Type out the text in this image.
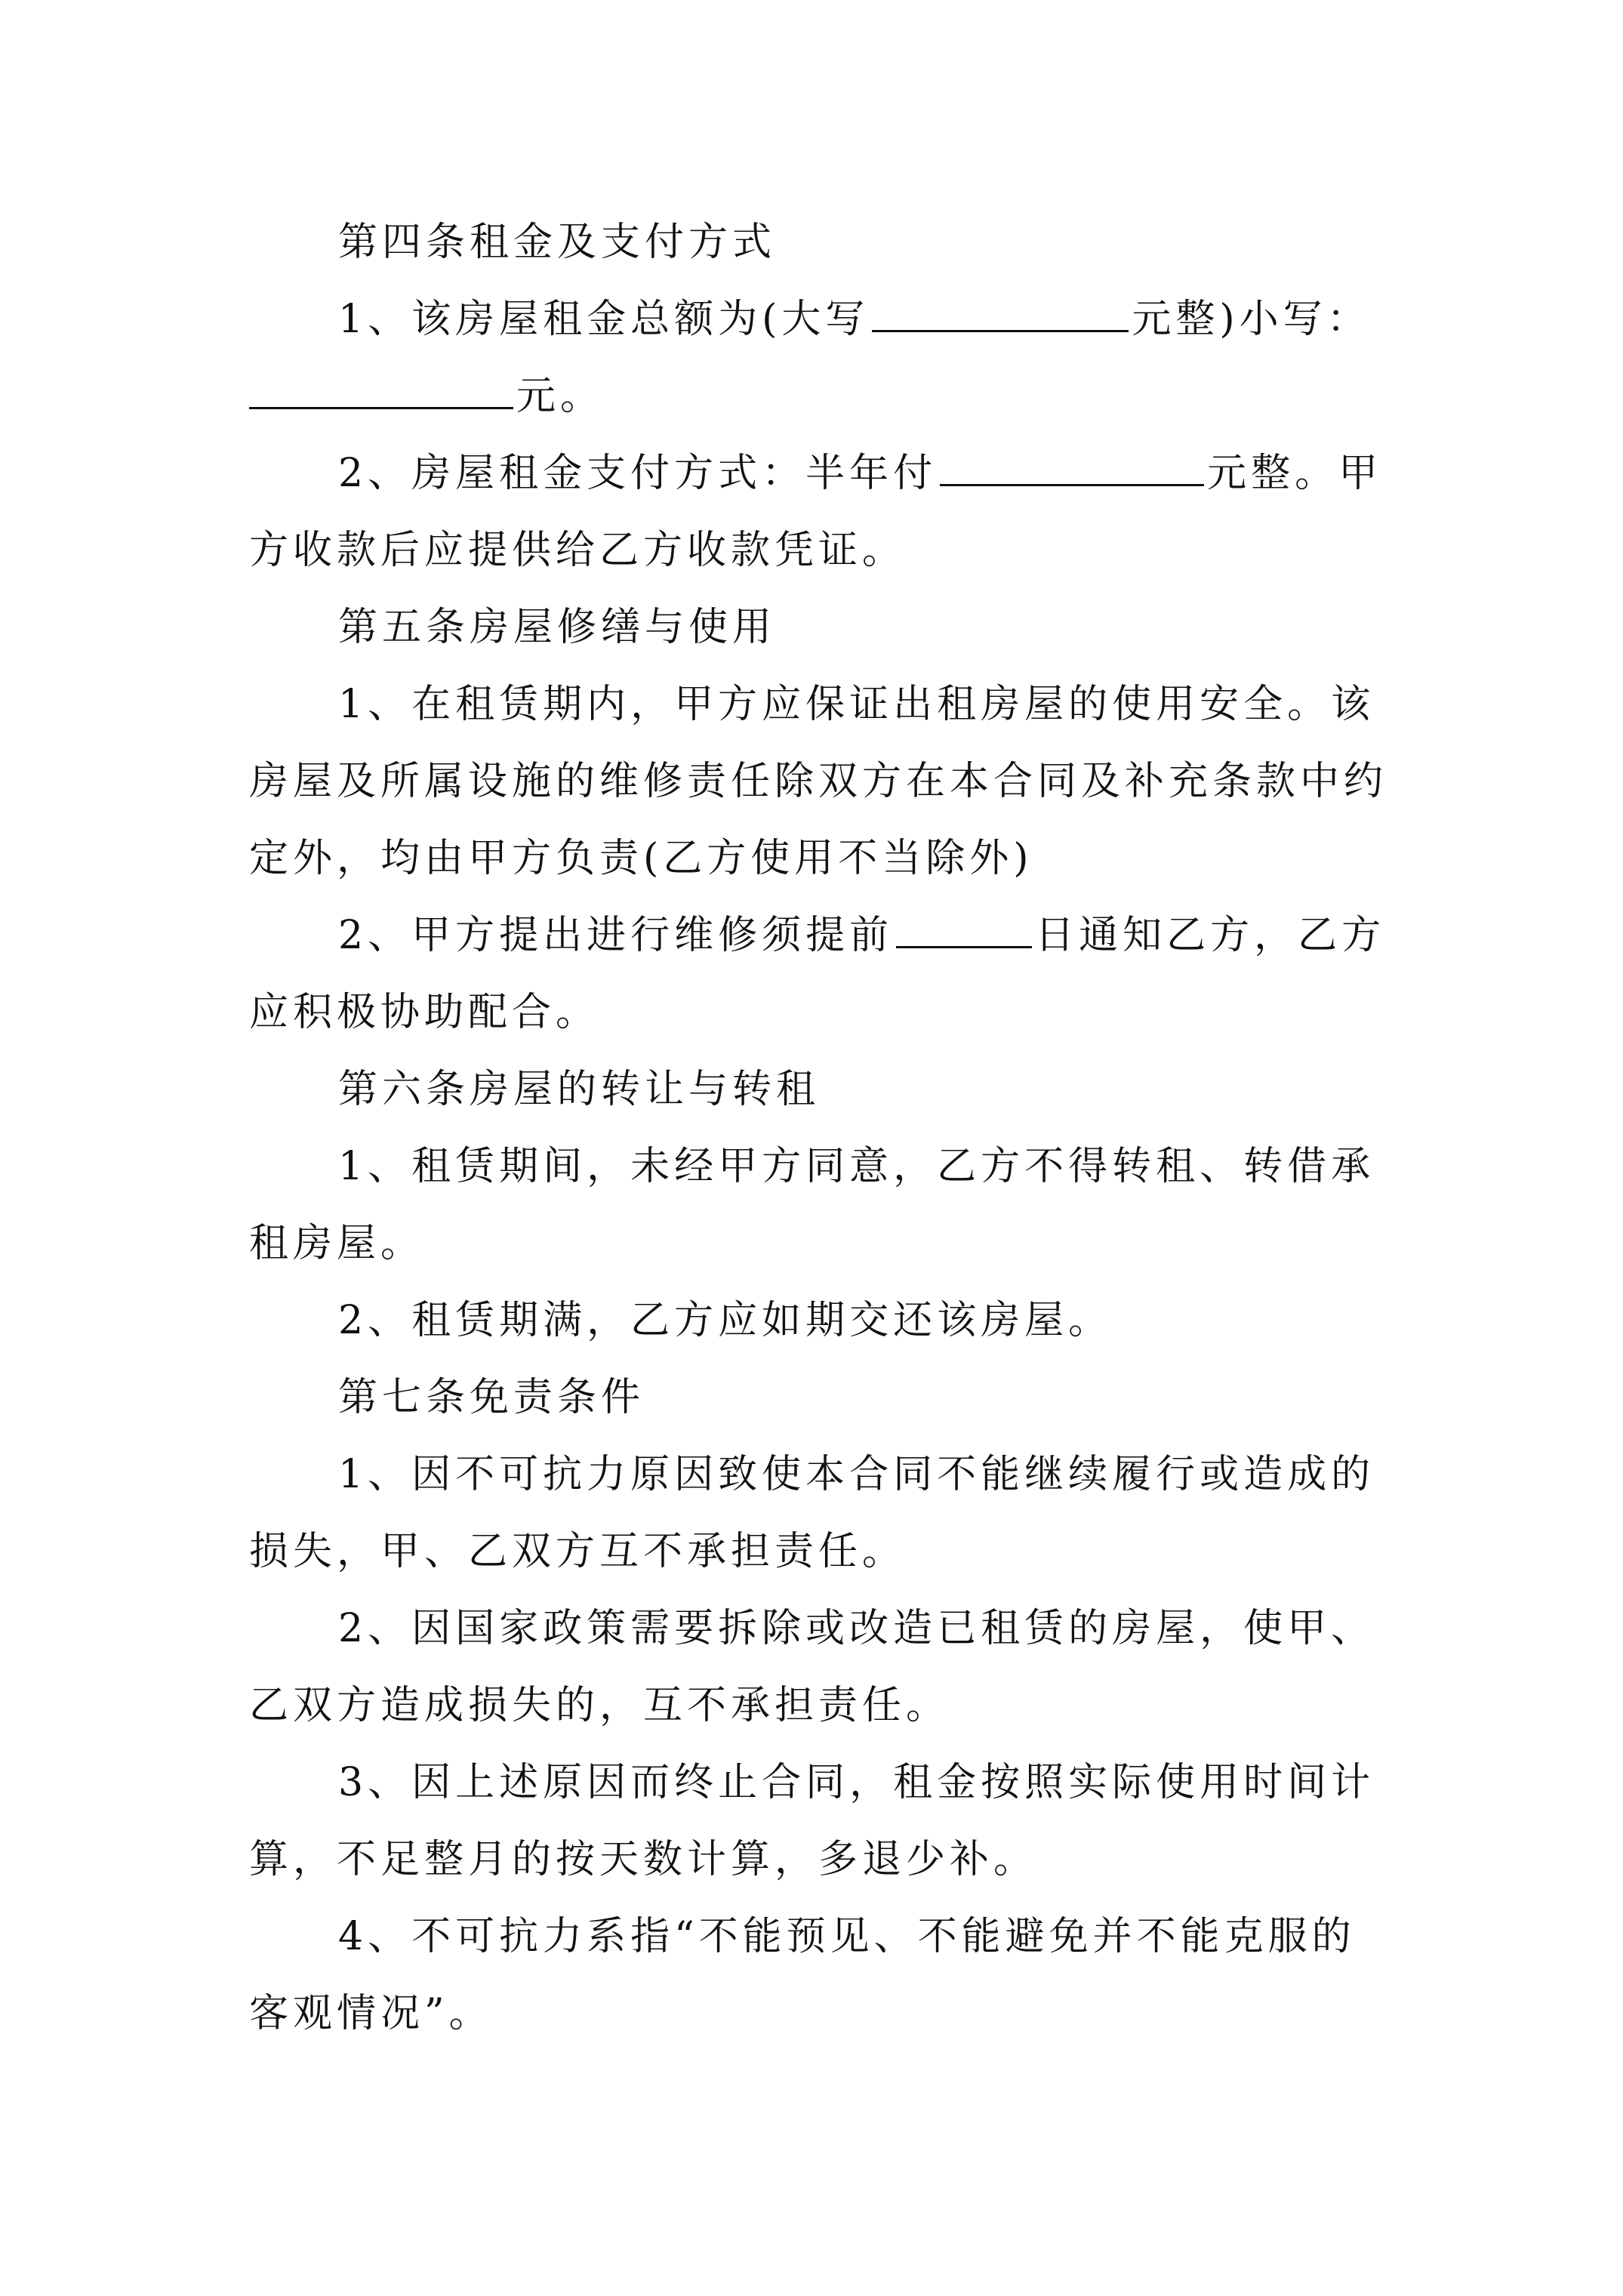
第四条租金及支付方式

1、该房屋租金总额为(大写	元整)小写：元。

2、房屋租金支付方式：半年付	元整。甲方收款后应提供给乙方收款凭证。

第五条房屋修缮与使用

1、在租赁期内，甲方应保证出租房屋的使用安全。该房屋及所属设施的维修责任除双方在本合同及补充条款中约定外，均由甲方负责(乙方使用不当除外)

2、甲方提出进行维修须提前	日通知乙方，乙方应积极协助配合。

第六条房屋的转让与转租

1、租赁期间，未经甲方同意，乙方不得转租、转借承租房屋。

2、租赁期满，乙方应如期交还该房屋。

第七条免责条件

1、因不可抗力原因致使本合同不能继续履行或造成的损失，甲、乙双方互不承担责任。

2、因国家政策需要拆除或改造已租赁的房屋，使甲、乙双方造成损失的，互不承担责任。

3、因上述原因而终止合同，租金按照实际使用时间计算，不足整月的按天数计算，多退少补。

4、不可抗力系指“不能预见、不能避免并不能克服的客观情况”。
